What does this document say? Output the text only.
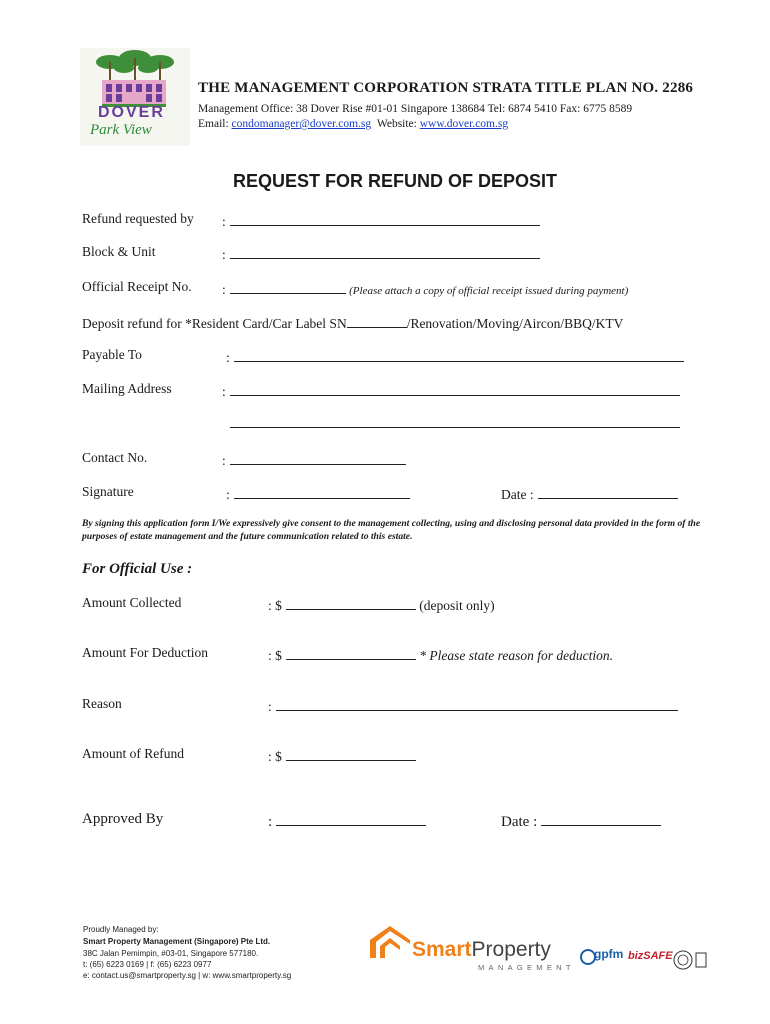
DOVER
Park View
THE MANAGEMENT CORPORATION STRATA TITLE PLAN NO. 2286
Management Office: 38 Dover Rise #01-01 Singapore 138684 Tel: 6874 5410 Fax: 6775 8589
Email: condomanager@dover.com.sg Website: www.dover.com.sg
REQUEST FOR REFUND OF DEPOSIT
Refund requested by :
Block & Unit	:
Official Receipt No. :	(Please attach a copy of official receipt issued during payment)
Deposit refund for *Resident Card/Car Label SN	/Renovation/Moving/Aircon/BBQ/KTV
Payable To	:
Mailing Address	:
Contact No.	:
Signature	:	Date :
By signing this application form I/We expressively give consent to the management collecting, using and disclosing personal data provided in the form of the purposes of estate management and the future communication related to this estate.
For Official Use :
Amount Collected	: $	(deposit only)
Amount For Deduction	: $	* Please state reason for deduction.
Reason	:
Amount of Refund	: $
Approved By	:	Date :
Proudly Managed by:
Smart Property Management (Singapore) Pte Ltd.
38C Jalan Pemimpin, #03-01, Singapore 577180.
t: (65) 6223 0169 | f: (65) 6223 0977
e: contact.us@smartproperty.sg | w: www.smartproperty.sg
SmartProperty
MANAGEMENT
gpfm bizSAFE
